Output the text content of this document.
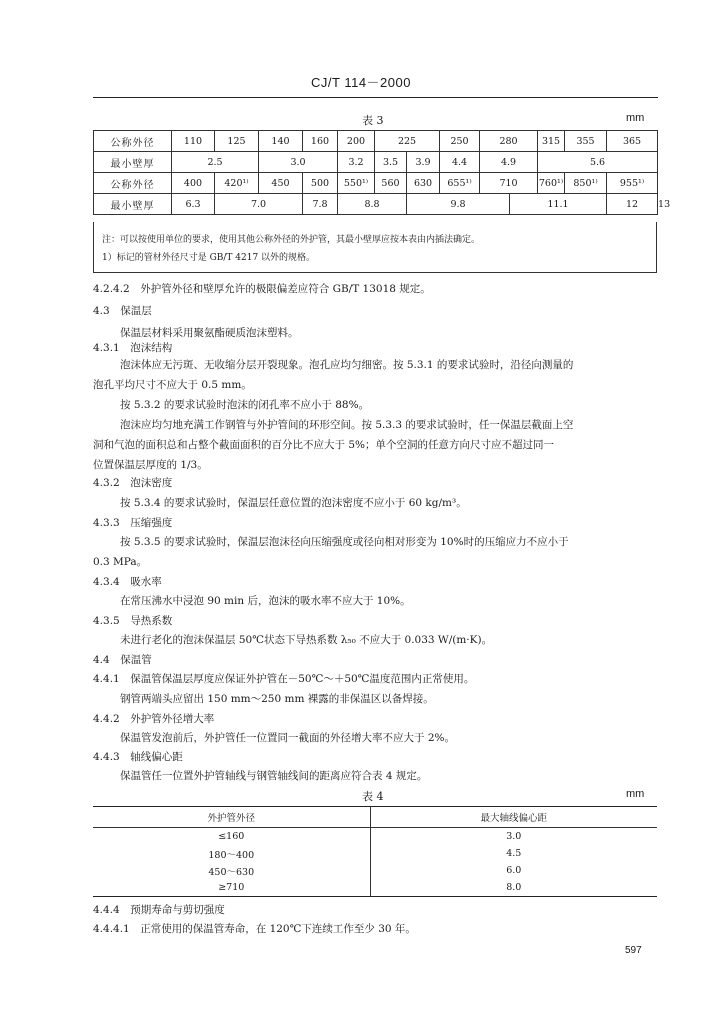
CJ/T 114－2000
表 3	mm
公称外径	110	125	140	160	200	225		250	280		315	355	365	
最小壁厚	2.5		3.0		3.2	3.5	3.9	4.4	4.9		5.6			
公称外径	400	420¹⁾	450	500	550¹⁾	560	630	655¹⁾	710		760¹⁾	850¹⁾	955¹⁾	
最小壁厚	6.3	7.0		7.8	8.8		9.8			11.1			12	13
注：可以按使用单位的要求，使用其他公称外径的外护管，其最小壁厚应按本表由内插法确定。
1）标记的管材外径尺寸是 GB/T 4217 以外的规格。
4.2.4.2　外护管外径和壁厚允许的极限偏差应符合 GB/T 13018 规定。
4.3　保温层
保温层材料采用聚氨酯硬质泡沫塑料。
4.3.1　泡沫结构
泡沫体应无污斑、无收缩分层开裂现象。泡孔应均匀细密。按 5.3.1 的要求试验时，沿径向测量的
泡孔平均尺寸不应大于 0.5 mm。
按 5.3.2 的要求试验时泡沫的闭孔率不应小于 88%。
泡沫应均匀地充满工作钢管与外护管间的环形空间。按 5.3.3 的要求试验时，任一保温层截面上空
洞和气泡的面积总和占整个截面面积的百分比不应大于 5%；单个空洞的任意方向尺寸应不超过同一
位置保温层厚度的 1/3。
4.3.2　泡沫密度
按 5.3.4 的要求试验时，保温层任意位置的泡沫密度不应小于 60 kg/m³。
4.3.3　压缩强度
按 5.3.5 的要求试验时，保温层泡沫径向压缩强度或径向相对形变为 10%时的压缩应力不应小于
0.3 MPa。
4.3.4　吸水率
在常压沸水中浸泡 90 min 后，泡沫的吸水率不应大于 10%。
4.3.5　导热系数
未进行老化的泡沫保温层 50℃状态下导热系数 λ₅₀ 不应大于 0.033 W/(m·K)。
4.4　保温管
4.4.1　保温管保温层厚度应保证外护管在－50℃～＋50℃温度范围内正常使用。
钢管两端头应留出 150 mm～250 mm 裸露的非保温区以备焊接。
4.4.2　外护管外径增大率
保温管发泡前后，外护管任一位置同一截面的外径增大率不应大于 2%。
4.4.3　轴线偏心距
保温管任一位置外护管轴线与钢管轴线间的距离应符合表 4 规定。
表 4	mm
外护管外径	最大轴线偏心距
≤160	3.0
180～400	4.5
450～630	6.0
≥710	8.0
4.4.4　预期寿命与剪切强度
4.4.4.1　正常使用的保温管寿命，在 120℃下连续工作至少 30 年。
597
